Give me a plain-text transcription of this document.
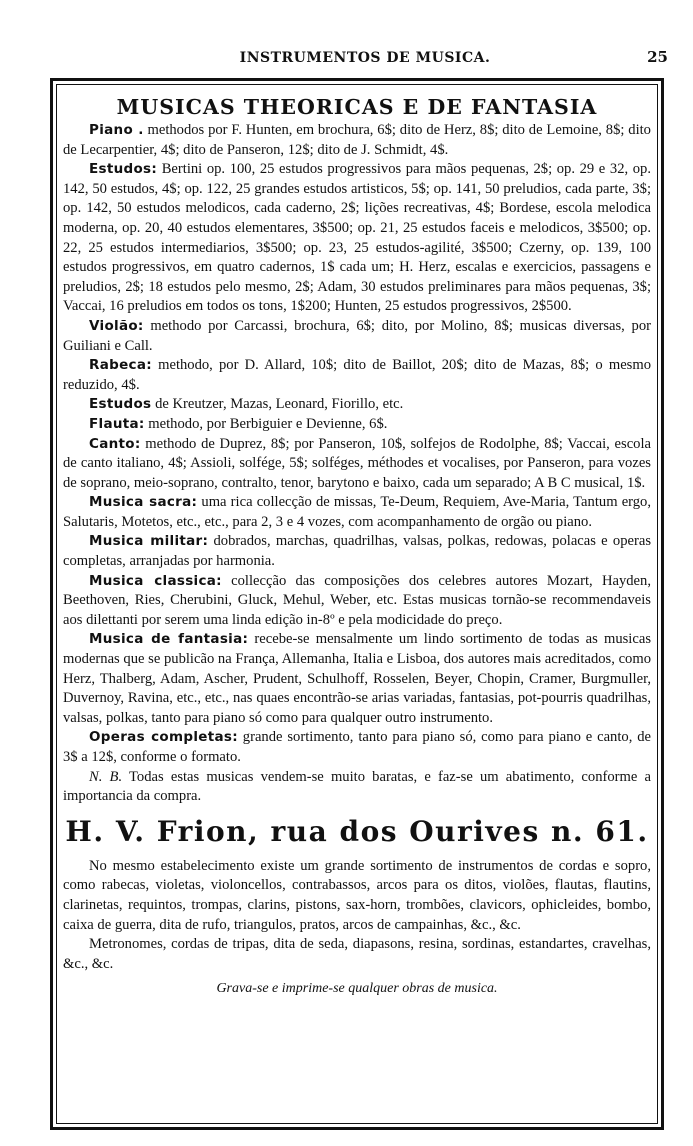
INSTRUMENTOS DE MUSICA.	25
MUSICAS THEORICAS E DE FANTASIA

Piano . methodos por F. Hunten, em brochura, 6$; dito de Herz, 8$; dito de Lemoine, 8$; dito de Lecarpentier, 4$; dito de Panseron, 12$; dito de J. Schmidt, 4$.

Estudos: Bertini op. 100, 25 estudos progressivos para mãos pequenas, 2$; op. 29 e 32, op. 142, 50 estudos, 4$; op. 122, 25 grandes estudos artisticos, 5$; op. 141, 50 preludios, cada parte, 3$; op. 142, 50 estudos melodicos, cada caderno, 2$; lições recreativas, 4$; Bordese, escola melodica moderna, op. 20, 40 estudos elementares, 3$500; op. 21, 25 estudos faceis e melodicos, 3$500; op. 22, 25 estudos intermediarios, 3$500; op. 23, 25 estudos-agilité, 3$500; Czerny, op. 139, 100 estudos progressivos, em quatro cadernos, 1$ cada um; H. Herz, escalas e exercicios, passagens e preludios, 2$; 18 estudos pelo mesmo, 2$; Adam, 30 estudos preliminares para mãos pequenas, 3$; Vaccai, 16 preludios em todos os tons, 1$200; Hunten, 25 estudos progressivos, 2$500.

Violão: methodo por Carcassi, brochura, 6$; dito, por Molino, 8$; musicas diversas, por Guiliani e Call.

Rabeca: methodo, por D. Allard, 10$; dito de Baillot, 20$; dito de Mazas, 8$; o mesmo reduzido, 4$.

Estudos de Kreutzer, Mazas, Leonard, Fiorillo, etc.

Flauta: methodo, por Berbiguier e Devienne, 6$.

Canto: methodo de Duprez, 8$; por Panseron, 10$, solfejos de Rodolphe, 8$; Vaccai, escola de canto italiano, 4$; Assioli, solfége, 5$; solféges, méthodes et vocalises, por Panseron, para vozes de soprano, meio-soprano, contralto, tenor, barytono e baixo, cada um separado; A B C musical, 1$.

Musica sacra: uma rica collecção de missas, Te-Deum, Requiem, Ave-Maria, Tantum ergo, Salutaris, Motetos, etc., etc., para 2, 3 e 4 vozes, com acompanhamento de orgão ou piano.

Musica militar: dobrados, marchas, quadrilhas, valsas, polkas, redowas, polacas e operas completas, arranjadas por harmonia.

Musica classica: collecção das composições dos celebres autores Mozart, Hayden, Beethoven, Ries, Cherubini, Gluck, Mehul, Weber, etc. Estas musicas tornão-se recommendaveis aos dilettanti por serem uma linda edição in-8º e pela modicidade do preço.

Musica de fantasia: recebe-se mensalmente um lindo sortimento de todas as musicas modernas que se publicão na França, Allemanha, Italia e Lisboa, dos autores mais acreditados, como Herz, Thalberg, Adam, Ascher, Prudent, Schulhoff, Rosselen, Beyer, Chopin, Cramer, Burgmuller, Duvernoy, Ravina, etc., etc., nas quaes encontrão-se arias variadas, fantasias, pot-pourris quadrilhas, valsas, polkas, tanto para piano só como para qualquer outro instrumento.

Operas completas: grande sortimento, tanto para piano só, como para piano e canto, de 3$ a 12$, conforme o formato.

N. B. Todas estas musicas vendem-se muito baratas, e faz-se um abatimento, conforme a importancia da compra.

H. V. Frion, rua dos Ourives n. 61.

No mesmo estabelecimento existe um grande sortimento de instrumentos de cordas e sopro, como rabecas, violetas, violoncellos, contrabassos, arcos para os ditos, violões, flautas, flautins, clarinetas, requintos, trompas, clarins, pistons, sax-horn, trombões, clavicors, ophicleides, bombo, caixa de guerra, dita de rufo, triangulos, pratos, arcos de campainhas, &c., &c.

Metronomes, cordas de tripas, dita de seda, diapasons, resina, sordinas, estandartes, cravelhas, &c., &c.

Grava-se e imprime-se qualquer obras de musica.
